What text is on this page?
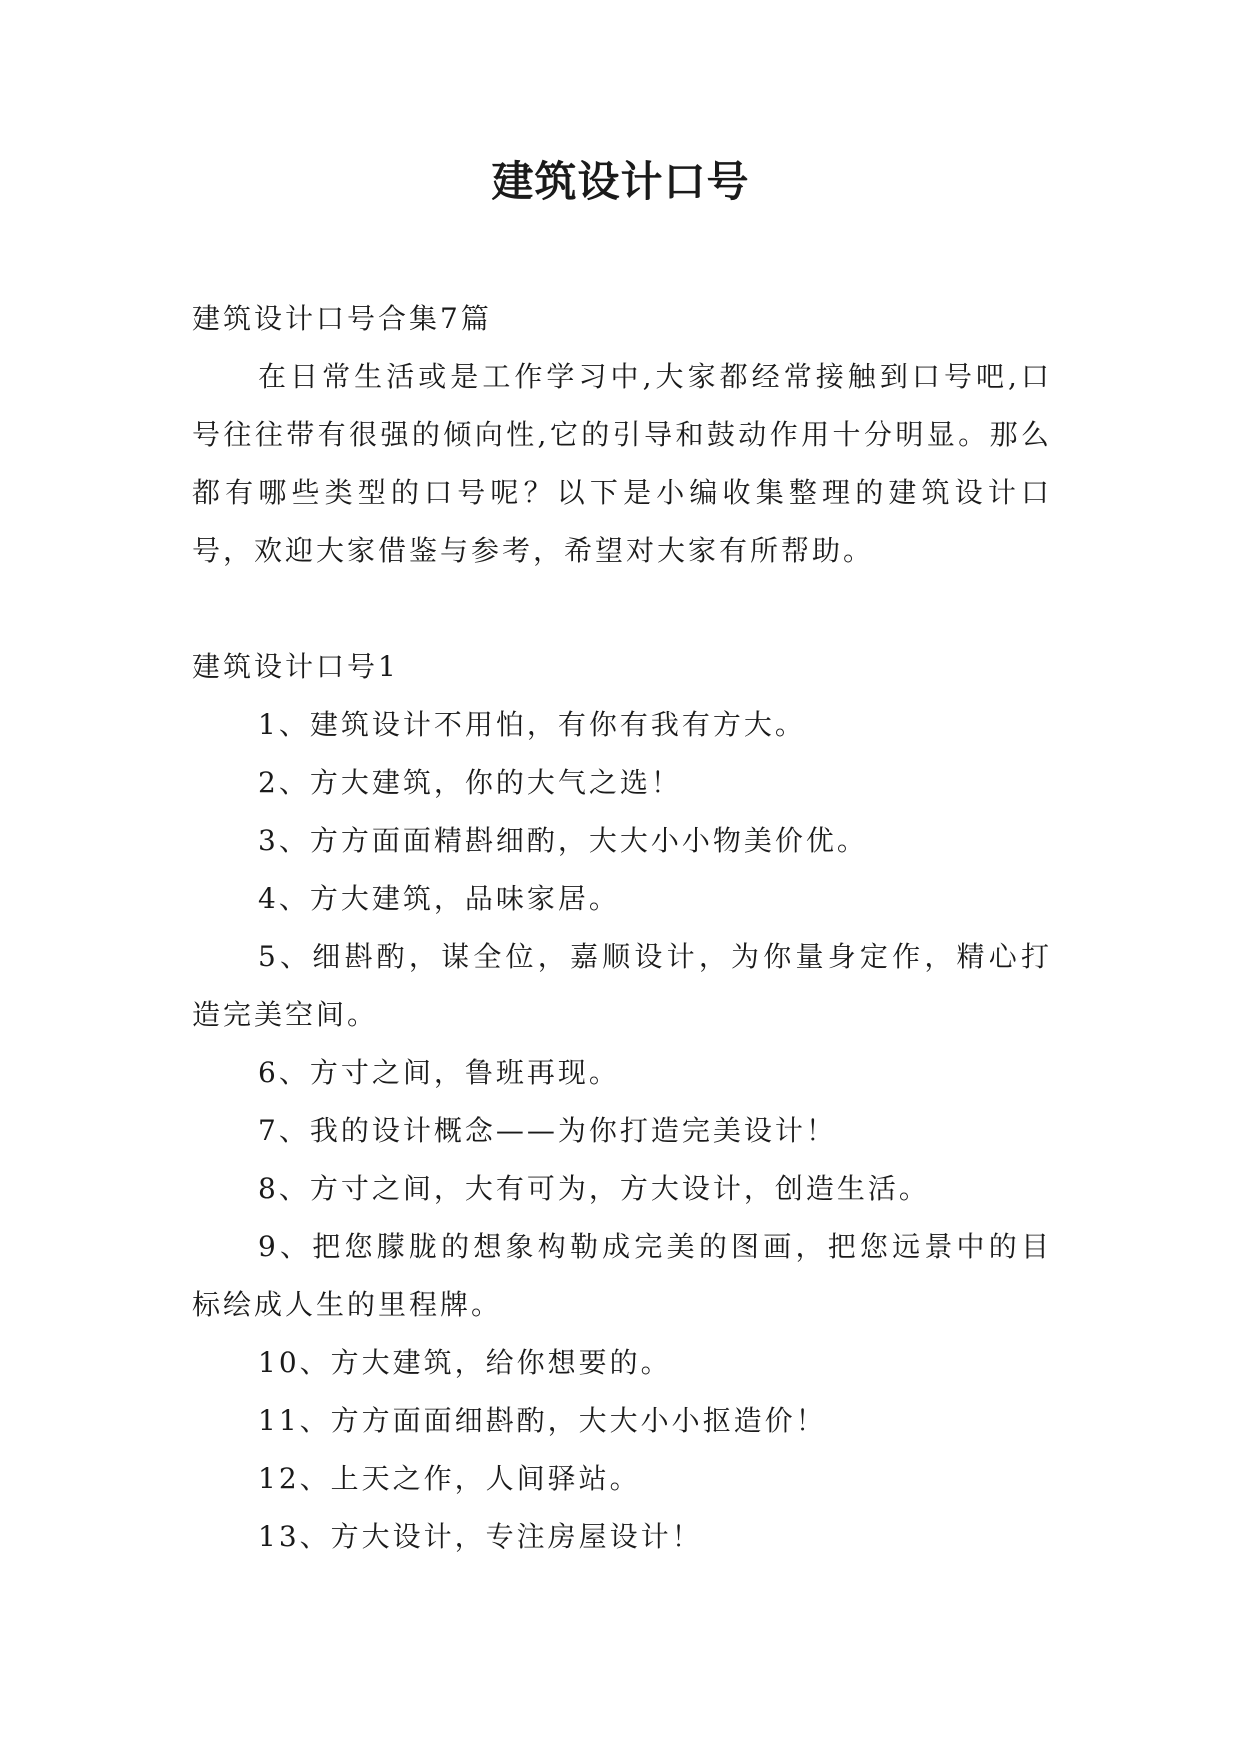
建筑设计口号

建筑设计口号合集7篇

在日常生活或是工作学习中,大家都经常接触到口号吧,口号往往带有很强的倾向性,它的引导和鼓动作用十分明显。那么都有哪些类型的口号呢？以下是小编收集整理的建筑设计口号，欢迎大家借鉴与参考，希望对大家有所帮助。

建筑设计口号1

1、建筑设计不用怕，有你有我有方大。

2、方大建筑，你的大气之选！

3、方方面面精斟细酌，大大小小物美价优。

4、方大建筑，品味家居。

5、细斟酌，谋全位，嘉顺设计，为你量身定作，精心打造完美空间。

6、方寸之间，鲁班再现。

7、我的设计概念——为你打造完美设计！

8、方寸之间，大有可为，方大设计，创造生活。

9、把您朦胧的想象构勒成完美的图画，把您远景中的目标绘成人生的里程牌。

10、方大建筑，给你想要的。

11、方方面面细斟酌，大大小小抠造价！

12、上天之作，人间驿站。

13、方大设计，专注房屋设计！
